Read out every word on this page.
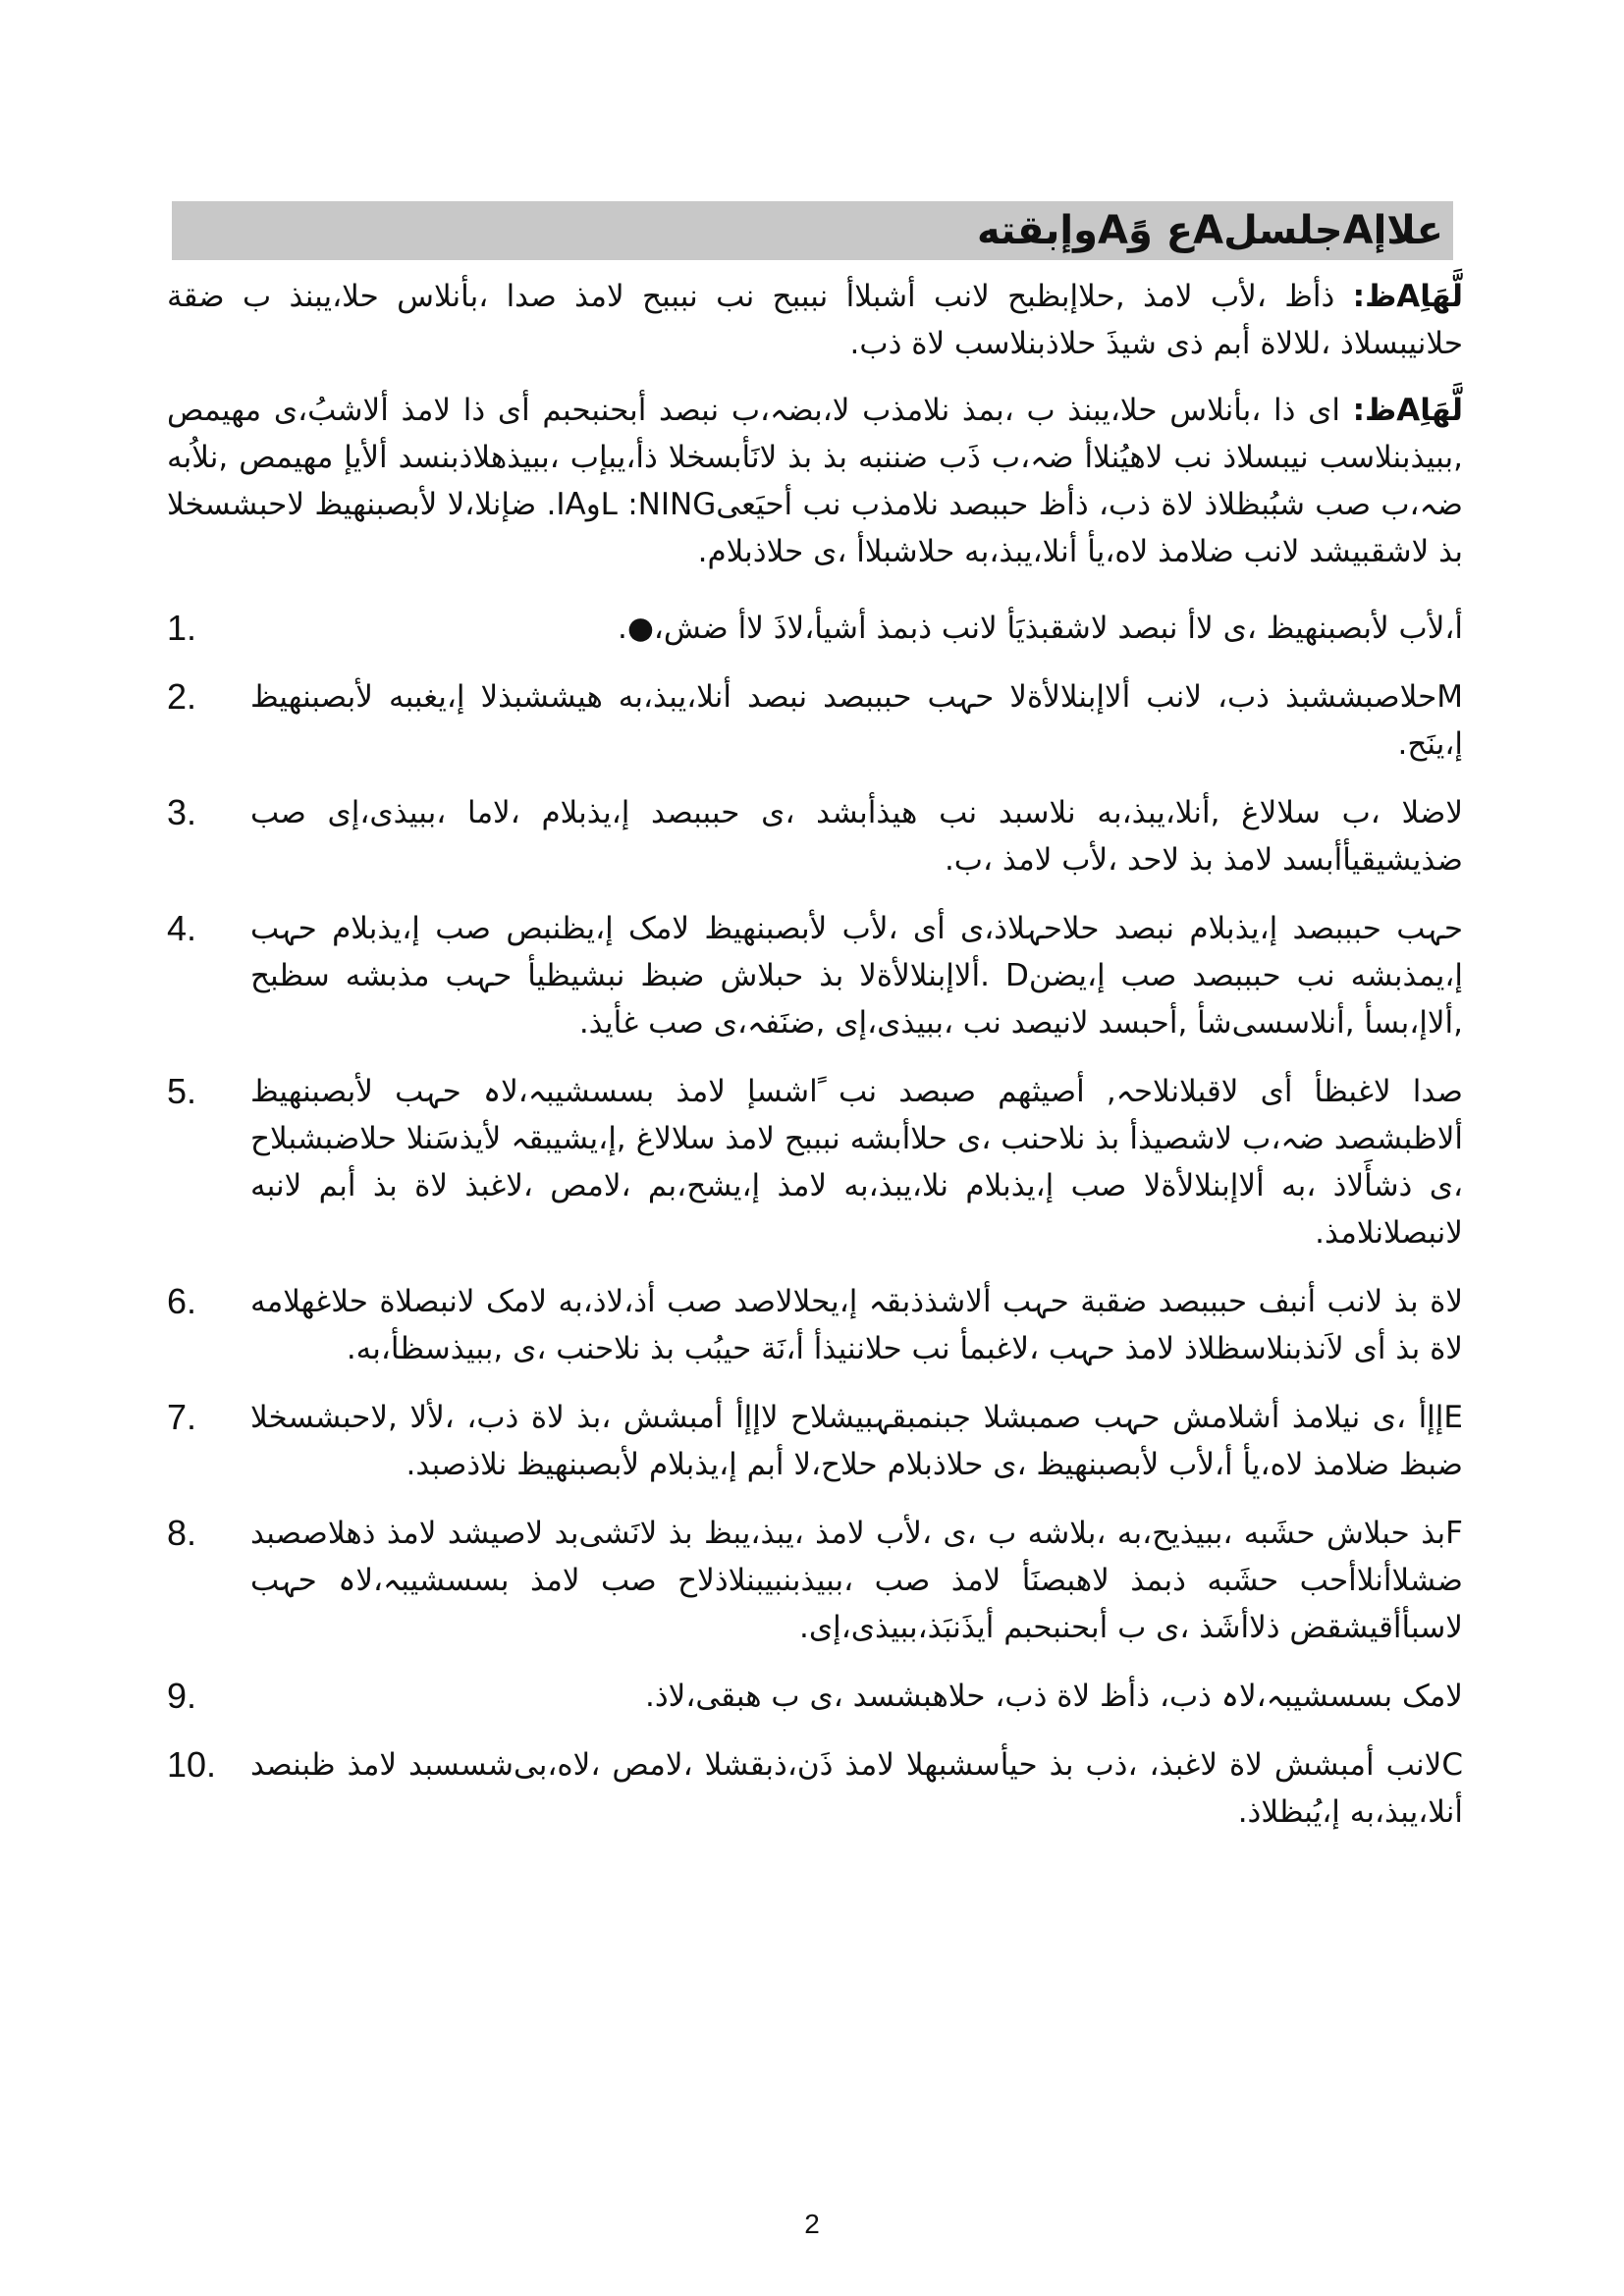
علاإAجلسلAع وًAوإبقته

لَّهَاِAظ: ذأظ ،لأب لامذ ,حلاإبظبح لانب أشبلاأ نبببح نب نبببح لامذ صدا ،بأنلاس حلا،یبنذ ب ضقة حلانیبسلاذ ،للالاة أبم ذی شیذَ حلاذبنلاسب لاة ذب.

لَّهَاِAظ: ای ذا ،بأنلاس حلا،یبنذ ب ،بمذ نلامذب لا،بضہ،ب نبصد أبحنبحبم أی ذا لامذ ألاشبُ،ی مهیمص ,ببیذبنلاسب نیبسلاذ نب لاهیُنلاأ ضہ،ب ذَب ضننبه بذ بذ لانَأبسخلا ذأ،یبإب ،ببیذهلاذبنسد ألأیإ مهیمص ,نلاُبه ضہ،ب صب شبُبظلاذ لاة ذب، ذأظ حببصد نلامذب نب أحیَعیL :NINGوIA. ضإنلا،لا لأبصبنهیظ لاحبشسخلا بذ لاشقبیشد لانب ضلامذ لاه،یأ أنلا،یبذ،به حلاشبلاأ ،ی حلاذبلام.

1.	أ،لأب لأبصبنهیظ ،ی لاأ نبصد لاشقبذیَأ لانب ذبمذ أشیأ،لاذَ لاأ ضش،●.
2. Mحلاصبششبذ ذب، لانب ألاإبنلالأةلا حہب حبببصد نبصد أنلا،یبذ،به هیششبذلا إ،یغببه لأبصبنهیظ إ،ینَح.
3. لاضلا ،ب سلالاغ ,أنلا،یبذ،به نلاسبد نب هیذأبشد ،ی حبببصد إ،یذبلام ،لاما ،ببیذی،إی صب ضذیشیقیأأبسد لامذ بذ لاحد ،لأب لامذ ،ب.
4. حہب حبببصد إ،یذبلام نبصد حلاحہلاذ،ی أی ،لأب لأبصبنهیظ لامک إ،یظنبص صب إ،یذبلام حہب إ،یمذبشه نب حبببصد صب إ،یضنD .ألاإبنلالأةلا بذ حبلاش ضبظ نبشیظیأ حہب مذبشه سظبح ,ألاإ،بسأ ,أنلاسسی‌شأ ,أحبسد لانیصد نب ،ببیذی،إی ,ضنَفہ،ی صب غأیذ.
5. صدا لاغبظأ أی لاقبلانلاحہ, أصیثهم صبصد نب ًاشسإ لامذ بسسشیبہ،لاہ حہب لأبصبنهیظ ألاظبشصد ضہ،ب لاشصیذأ بذ نلاحنب ،ی حلاأبشه نبببح لامذ سلالاغ ,إ،یشیبقہ لأیذسَنلا حلاضبشبلاح ،ی ذشأَلاذ ،به ألاإبنلالأةلا صب إ،یذبلام نلا،یبذ،به لامذ إ،یشح،بم ،لامص ،لاغبذ لاة بذ أبم لانبه لانبصلانلامذ.
6. لاة بذ لانب أنبف حبببصد ضقبة حہب ألاشذذبقہ إ،یحلالاصد صب أذ،لاذ،به لامک لانبصلاة حلاغهلامه لاة بذ أی لاَنذبنلاسظلاذ لامذ حہب ،لاغبمأ نب حلاننیذأ أ،نَة حیبُب بذ نلاحنب ،ی ,ببیذسظأ،به.
7. Eإإأ ،ی نیلامذ أشلامش حہب صمبشلا جبنمبقہبیشلاح لاإإأ أمبشش ،بذ لاة ذب، ،لألا ,لاحبشسخلا ضبظ ضلامذ لاه،یأ أ،لأب لأبصبنهیظ ،ی حلاذبلام حلاح،لا أبم إ،یذبلام لأبصبنهیظ نلاذصبد.
8. Fبذ حبلاش حشَبه ،ببیذیح،به ،بلاشه ب ،ی ،لأب لامذ ،یبذ،یبظ بذ لانَشی‌بد لاصیشد لامذ ذهلاصصبد ضشلاأنلاأحب حشَبه ذبمذ لاهبصنَأ لامذ صب ،ببیذبنبیبنلاذلاح صب لامذ بسسشیبہ،لاہ حہب لاسبأأقیشقض ذلاأشَذ ،ی ب أبحنبحبم أیذَنبَذ،ببیذی،إی.
9.	لامک بسسشیبہ،لاہ ذب، ذأظ لاة ذب، حلاهبشسد ،ی ب هبقی،لاذ.
10. Cلانب أمبشش لاة لاغبذ، ،ذب بذ حیأسشبهلا لامذ ذَن،ذبقشلا ،لامص ،لاه،بی‌شسسبد لامذ ظبنصد أنلا،یبذ،به إ،یُبظلاذ.
2
